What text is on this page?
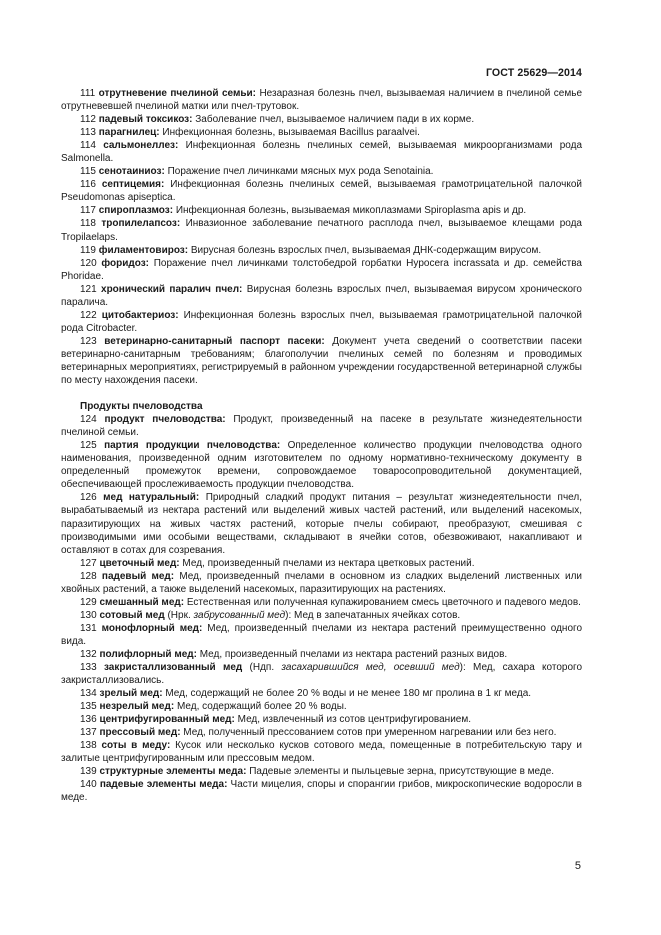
ГОСТ 25629—2014

111 отрутневение пчелиной семьи: Незаразная болезнь пчел, вызываемая наличием в пчелиной семье отрутневевшей пчелиной матки или пчел-трутовок.

112 падевый токсикоз: Заболевание пчел, вызываемое наличием пади в их корме.

113 парагнилец: Инфекционная болезнь, вызываемая Bacillus paraalvei.

114 сальмонеллез: Инфекционная болезнь пчелиных семей, вызываемая микроорганизмами рода Salmonella.

115 сенотаиниоз: Поражение пчел личинками мясных мух рода Senotainia.

116 септицемия: Инфекционная болезнь пчелиных семей, вызываемая грамотрицательной палочкой Pseudomonas apiseptica.

117 спироплазмоз: Инфекционная болезнь, вызываемая микоплазмами Spiroplasma apis и др.

118 тропилелапсоз: Инвазионное заболевание печатного расплода пчел, вызываемое клещами рода Tropilaelaps.

119 филаментовироз: Вирусная болезнь взрослых пчел, вызываемая ДНК-содержащим вирусом.

120 форидоз: Поражение пчел личинками толстобедрой горбатки Hypocera incrassata и др. семейства Phoridae.

121 хронический паралич пчел: Вирусная болезнь взрослых пчел, вызываемая вирусом хронического паралича.

122 цитобактериоз: Инфекционная болезнь взрослых пчел, вызываемая грамотрицательной палочкой рода Citrobacter.

123 ветеринарно-санитарный паспорт пасеки: Документ учета сведений о соответствии пасеки ветеринарно-санитарным требованиям; благополучии пчелиных семей по болезням и проводимых ветеринарных мероприятиях, регистрируемый в районном учреждении государственной ветеринарной службы по месту нахождения пасеки.

Продукты пчеловодства

124 продукт пчеловодства: Продукт, произведенный на пасеке в результате жизнедеятельности пчелиной семьи.

125 партия продукции пчеловодства: Определенное количество продукции пчеловодства одного наименования, произведенной одним изготовителем по одному нормативно-техническому документу в определенный промежуток времени, сопровождаемое товаросопроводительной документацией, обеспечивающей прослеживаемость продукции пчеловодства.

126 мед натуральный: Природный сладкий продукт питания – результат жизнедеятельности пчел, вырабатываемый из нектара растений или выделений живых частей растений, или выделений насекомых, паразитирующих на живых частях растений, которые пчелы собирают, преобразуют, смешивая с производимыми ими особыми веществами, складывают в ячейки сотов, обезвоживают, накапливают и оставляют в сотах для созревания.

127 цветочный мед: Мед, произведенный пчелами из нектара цветковых растений.

128 падевый мед: Мед, произведенный пчелами в основном из сладких выделений лиственных или хвойных растений, а также выделений насекомых, паразитирующих на растениях.

129 смешанный мед: Естественная или полученная купажированием смесь цветочного и падевого медов.

130 сотовый мед (Нрк. забрусованный мед): Мед в запечатанных ячейках сотов.

131 монофлорный мед: Мед, произведенный пчелами из нектара растений преимущественно одного вида.

132 полифлорный мед: Мед, произведенный пчелами из нектара растений разных видов.

133 закристаллизованный мед (Ндп. засахарившийся мед, осевший мед): Мед, сахара которого закристаллизовались.

134 зрелый мед: Мед, содержащий не более 20 % воды и не менее 180 мг пролина в 1 кг меда.

135 незрелый мед: Мед, содержащий более 20 % воды.

136 центрифугированный мед: Мед, извлеченный из сотов центрифугированием.

137 прессовый мед: Мед, полученный прессованием сотов при умеренном нагревании или без него.

138 соты в меду: Кусок или несколько кусков сотового меда, помещенные в потребительскую тару и залитые центрифугированным или прессовым медом.

139 структурные элементы меда: Падевые элементы и пыльцевые зерна, присутствующие в меде.

140 падевые элементы меда: Части мицелия, споры и спорангии грибов, микроскопические водоросли в меде.

5
